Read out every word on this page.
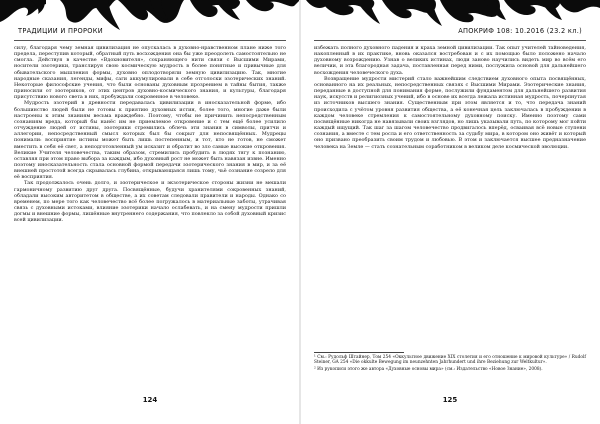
ТРАДИЦИИ И ПРОРОКИ

силу, благодаря чему земная цивилизация не опускалась в духовно-нравственном плане ниже того предела, переступив который, обратный путь восхождения она бы уже преодолеть самостоятельно не смогла. Действуя в качестве «Вдохновителя», сохраняющего нити связи с Высшими Мирами, носители эзотерики, транслируя свою космическую мудрость в более понятные и привычные для обывательского мышления формы, духовно оплодотворяли земную цивилизацию. Так, многие народные сказания, легенды, мифы, саги аккумулировали в себе отголоски эзотерических знаний. Некоторые философские учения, что были основаны духовным прозрением в тайны бытия, также приносили от эзотериков, от этих центров духовно-космического знания, и культуры, благодаря присутствию нового света в них, пробуждали сокровенное в человеке.

Мудрость эзотерий в древности передавалась цивилизации в иносказательной форме, ибо большинство людей были не готовы к приятию духовных истин, более того, многие даже были настроены к этим знаниям весьма враждебно. Поэтому, чтобы не причинить непосредственным сознаниям вреда, который бы нанёс им не приемлемое откровение и с тем ещё более усилило отчуждение людей от истины, эзотерики стремились облечь эти знания в символы, притчи и аллегории, непосредственный смысл которых был бы сокрыт для непосвящённых. Мудрецы понимали: восприятие истины может быть лишь постепенным, и тот, кто не готов, не сможет вместить в себя её свет, а неподготовленный ум исказит и обратит во зло самые высокие откровения. Великие Учителя человечества, таким образом, стремились пробудить в людях тягу к познанию, оставляя при этом право выбора за каждым, ибо духовный рост не может быть навязан извне. Именно поэтому иносказательность стала основной формой передачи эзотерического знания в мир, и за её внешней простотой всегда скрывалась глубина, открывающаяся лишь тому, чьё сознание созрело для её восприятия.

Так продолжалось очень долго, и эзотерическое и экзотерическое стороны жизни не мешали гармоничному развитию друг друга. Посвящённые, будучи хранителями сокровенных знаний, обладали высоким авторитетом в обществе, а их советам следовали правители и народы. Однако со временем, по мере того как человечество всё более погружалось в материальные заботы, утрачивая связь с духовными истоками, влияние эзотерики начало ослабевать, и на смену мудрости пришли догмы и внешние формы, лишённые внутреннего содержания, что повлекло за собой духовный кризис всей цивилизации.

124
АПОКРИФ 108: 10.2016 (23.2 кл.)

избежать полного духовного падения и краха земной цивилизации. Так опыт учителей тайноведения, накопленный в их практике, вновь оказался востребован и с их помощью было положено начало духовному возрождению. Узнав о великих истинах, люди заново научились видеть мир во всём его величии, и эта благородная задача, поставленная перед ними, послужила основой для дальнейшего восхождения человеческого духа.

Возвращение мудрости мистерий стало важнейшим следствием духовного опыта посвящённых, основанного на их реальных, непосредственных связях с Высшими Мирами. Эзотерические знания, переданные в доступной для понимания форме, послужили фундаментом для дальнейшего развития наук, искусств и религиозных учений, ибо в основе их всегда лежала истинная мудрость, почерпнутая из источников высшего знания. Существенным при этом является и то, что передача знаний происходила с учётом уровня развития общества, а её конечная цель заключалась в пробуждении в каждом человеке стремления к самостоятельному духовному поиску. Именно поэтому сами посвящённые никогда не навязывали своих взглядов, но лишь указывали путь, по которому мог пойти каждый ищущий. Так шаг за шагом человечество продвигалось вперёд, осваивая всё новые ступени сознания, а вместе с тем росла и его ответственность за судьбу мира, в котором оно живёт и который оно призвано преобразить своим трудом и любовью. В этом и заключается высшее предназначение человека на Земле — стать сознательным соработником в великом деле космической эволюции.

¹ См.: Рудольф Штайнер, Том 254 «Оккультное движение XIX столетия и его отношение к мировой культуре» / Rudolf Steiner, GA 254 «Die okkulte Bewegung im neunzehnten Jahrhundert und ihre Beziehung zur Weltkultur».

² Из рукописи этого же автора «Духовные основы мира» (см.: Издательство «Новое Знание», 2008).

125
